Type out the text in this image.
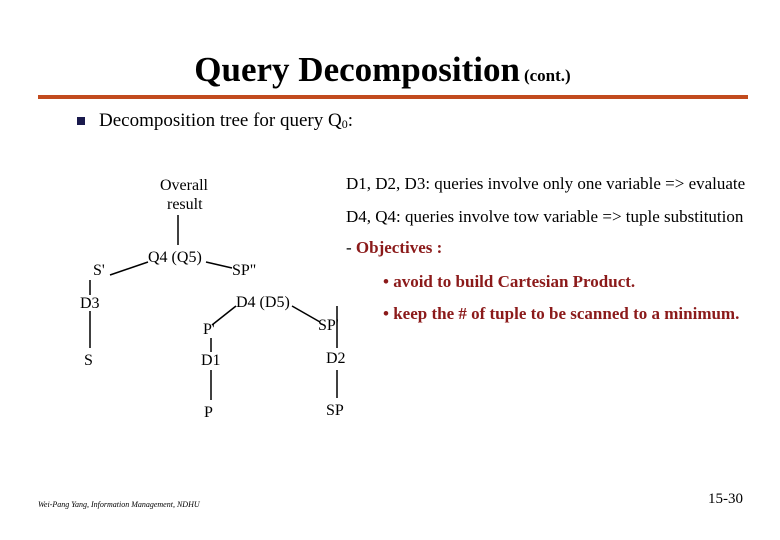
Query Decomposition (cont.)
Decomposition tree for query $Q_0$:
Overall
result
Q4 (Q5)
S'	SP"
D3	D4 (D5)
P'	SP'
S	D1	D2
P	SP
D1, D2, D3: queries involve only one variable => evaluate
D4, Q4: queries involve tow variable => tuple substitution
- Objectives :
• avoid to build Cartesian Product.
• keep the # of tuple to be scanned to a minimum.
Wei-Pang Yang, Information Management, NDHU	15-30
